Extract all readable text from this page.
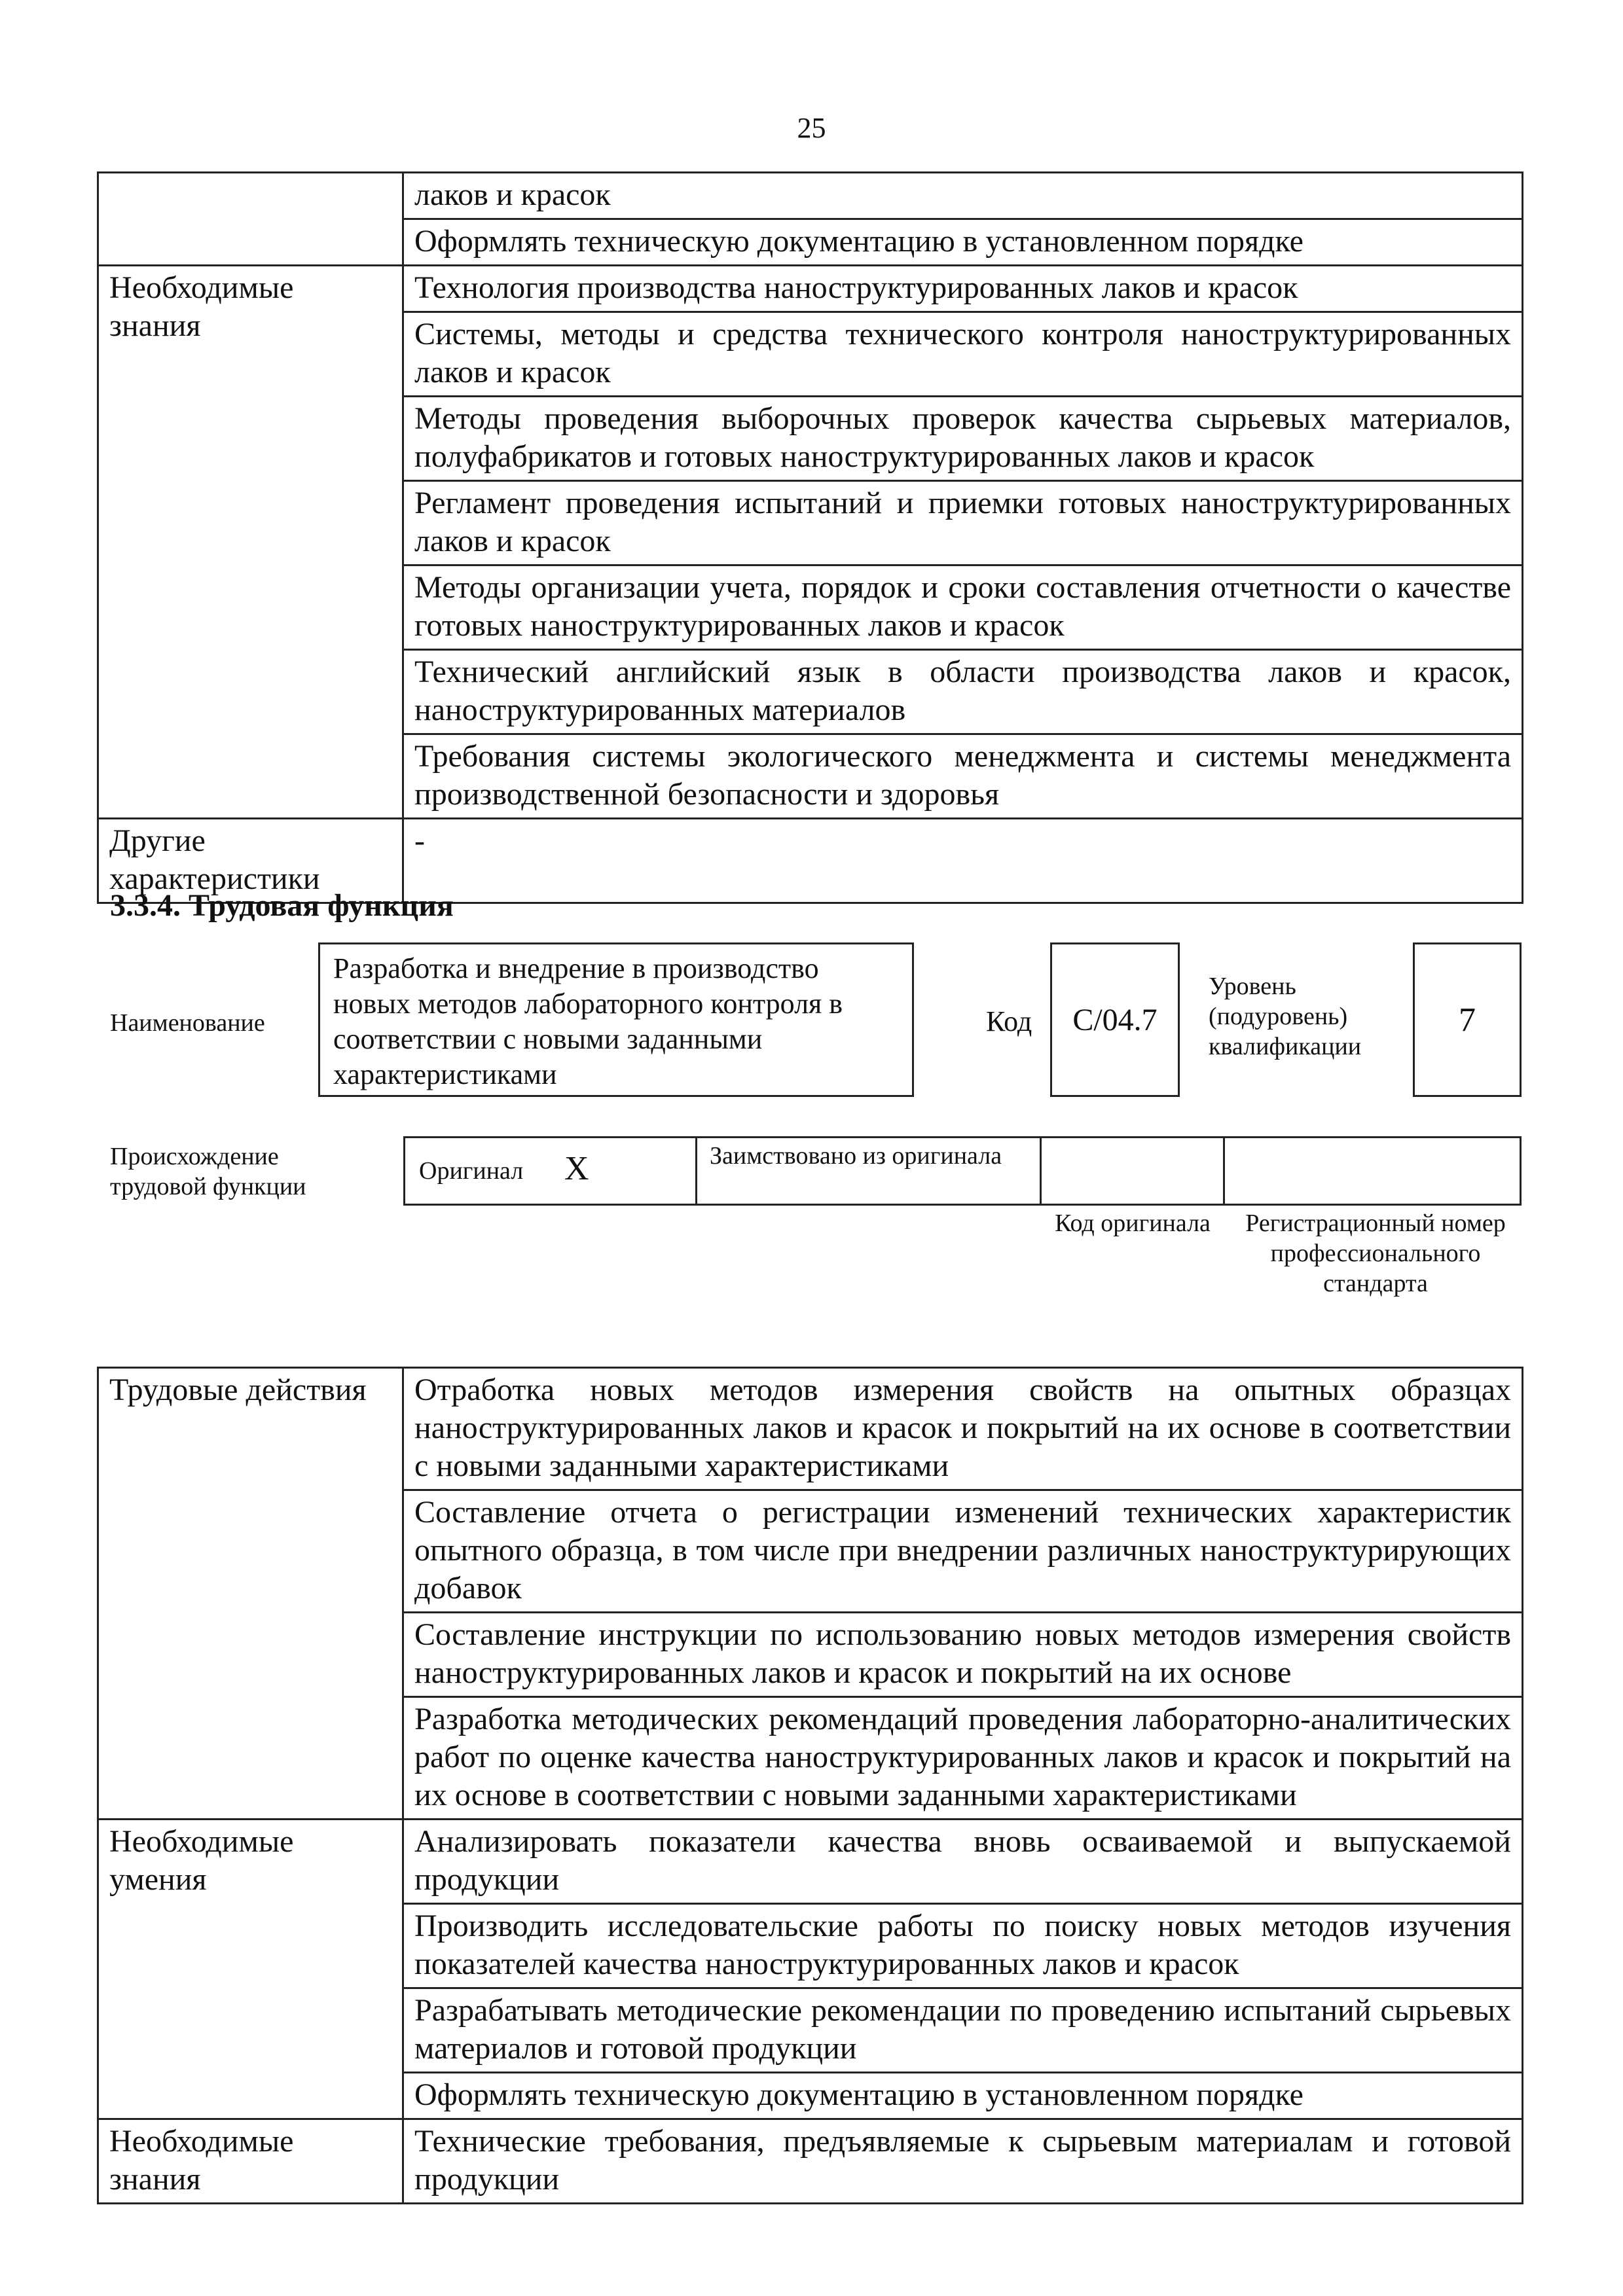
25
	лаков и красок
	Оформлять техническую документацию в установленном порядке
Необходимые знания	Технология производства наноструктурированных лаков и красок
	Системы, методы и средства технического контроля наноструктурированных лаков и красок
	Методы проведения выборочных проверок качества сырьевых материалов, полуфабрикатов и готовых наноструктурированных лаков и красок
	Регламент проведения испытаний и приемки готовых наноструктурированных лаков и красок
	Методы организации учета, порядок и сроки составления отчетности о качестве готовых наноструктурированных лаков и красок
	Технический английский язык в области производства лаков и красок, наноструктурированных материалов
	Требования системы экологического менеджмента и системы менеджмента производственной безопасности и здоровья
Другие характеристики	-
3.3.4. Трудовая функция
Наименование
Разработка и внедрение в производство новых методов лабораторного контроля в соответствии с новыми заданными характеристиками
Код С/04.7
Уровень (подуровень) квалификации
7
Происхождение трудовой функции
Оригинал X	Заимствовано из оригинала
Код оригинала Регистрационный номер профессионального стандарта
Трудовые действия	Отработка новых методов измерения свойств на опытных образцах наноструктурированных лаков и красок и покрытий на их основе в соответствии с новыми заданными характеристиками
	Составление отчета о регистрации изменений технических характеристик опытного образца, в том числе при внедрении различных наноструктурирующих добавок
	Составление инструкции по использованию новых методов измерения свойств наноструктурированных лаков и красок и покрытий на их основе
	Разработка методических рекомендаций проведения лабораторно-аналитических работ по оценке качества наноструктурированных лаков и красок и покрытий на их основе в соответствии с новыми заданными характеристиками
Необходимые умения	Анализировать показатели качества вновь осваиваемой и выпускаемой продукции
	Производить исследовательские работы по поиску новых методов изучения показателей качества наноструктурированных лаков и красок
	Разрабатывать методические рекомендации по проведению испытаний сырьевых материалов и готовой продукции
	Оформлять техническую документацию в установленном порядке
Необходимые знания	Технические требования, предъявляемые к сырьевым материалам и готовой продукции
